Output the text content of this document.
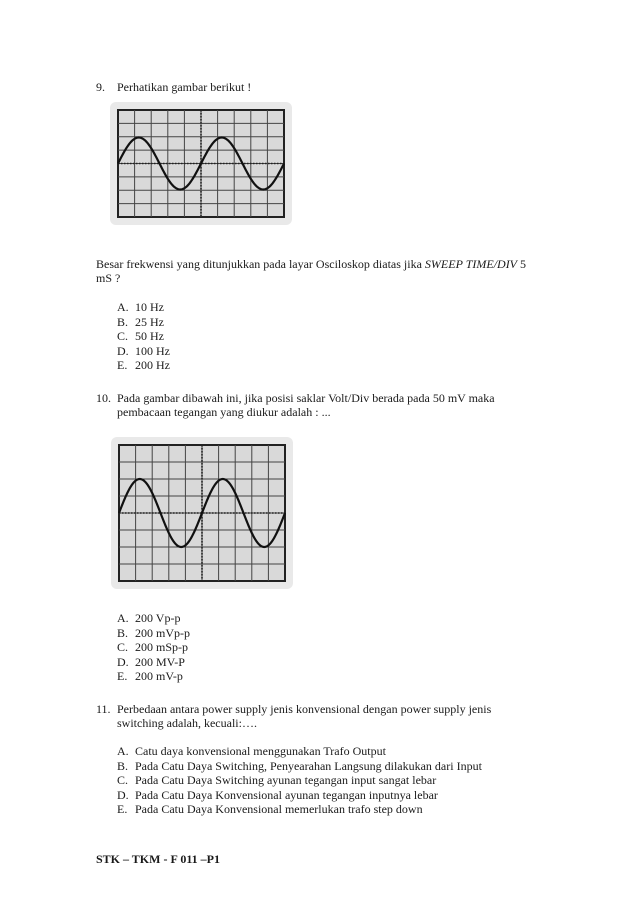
9. Perhatikan gambar berikut !
Besar frekwensi yang ditunjukkan pada layar Osciloskop diatas jika SWEEP TIME/DIV 5
mS ?
A. 10 Hz
B. 25 Hz
C. 50 Hz
D. 100 Hz
E. 200 Hz
10. Pada gambar dibawah ini, jika posisi saklar Volt/Div berada pada 50 mV maka
pembacaan tegangan yang diukur adalah : ...
A. 200 Vp-p
B. 200 mVp-p
C. 200 mSp-p
D. 200 MV-P
E. 200 mV-p
11. Perbedaan antara power supply jenis konvensional dengan power supply jenis
switching adalah, kecuali:….
A. Catu daya konvensional menggunakan Trafo Output
B. Pada Catu Daya Switching, Penyearahan Langsung dilakukan dari Input
C. Pada Catu Daya Switching ayunan tegangan input sangat lebar
D. Pada Catu Daya Konvensional ayunan tegangan inputnya lebar
E. Pada Catu Daya Konvensional memerlukan trafo step down
STK – TKM - F 011 –P1
